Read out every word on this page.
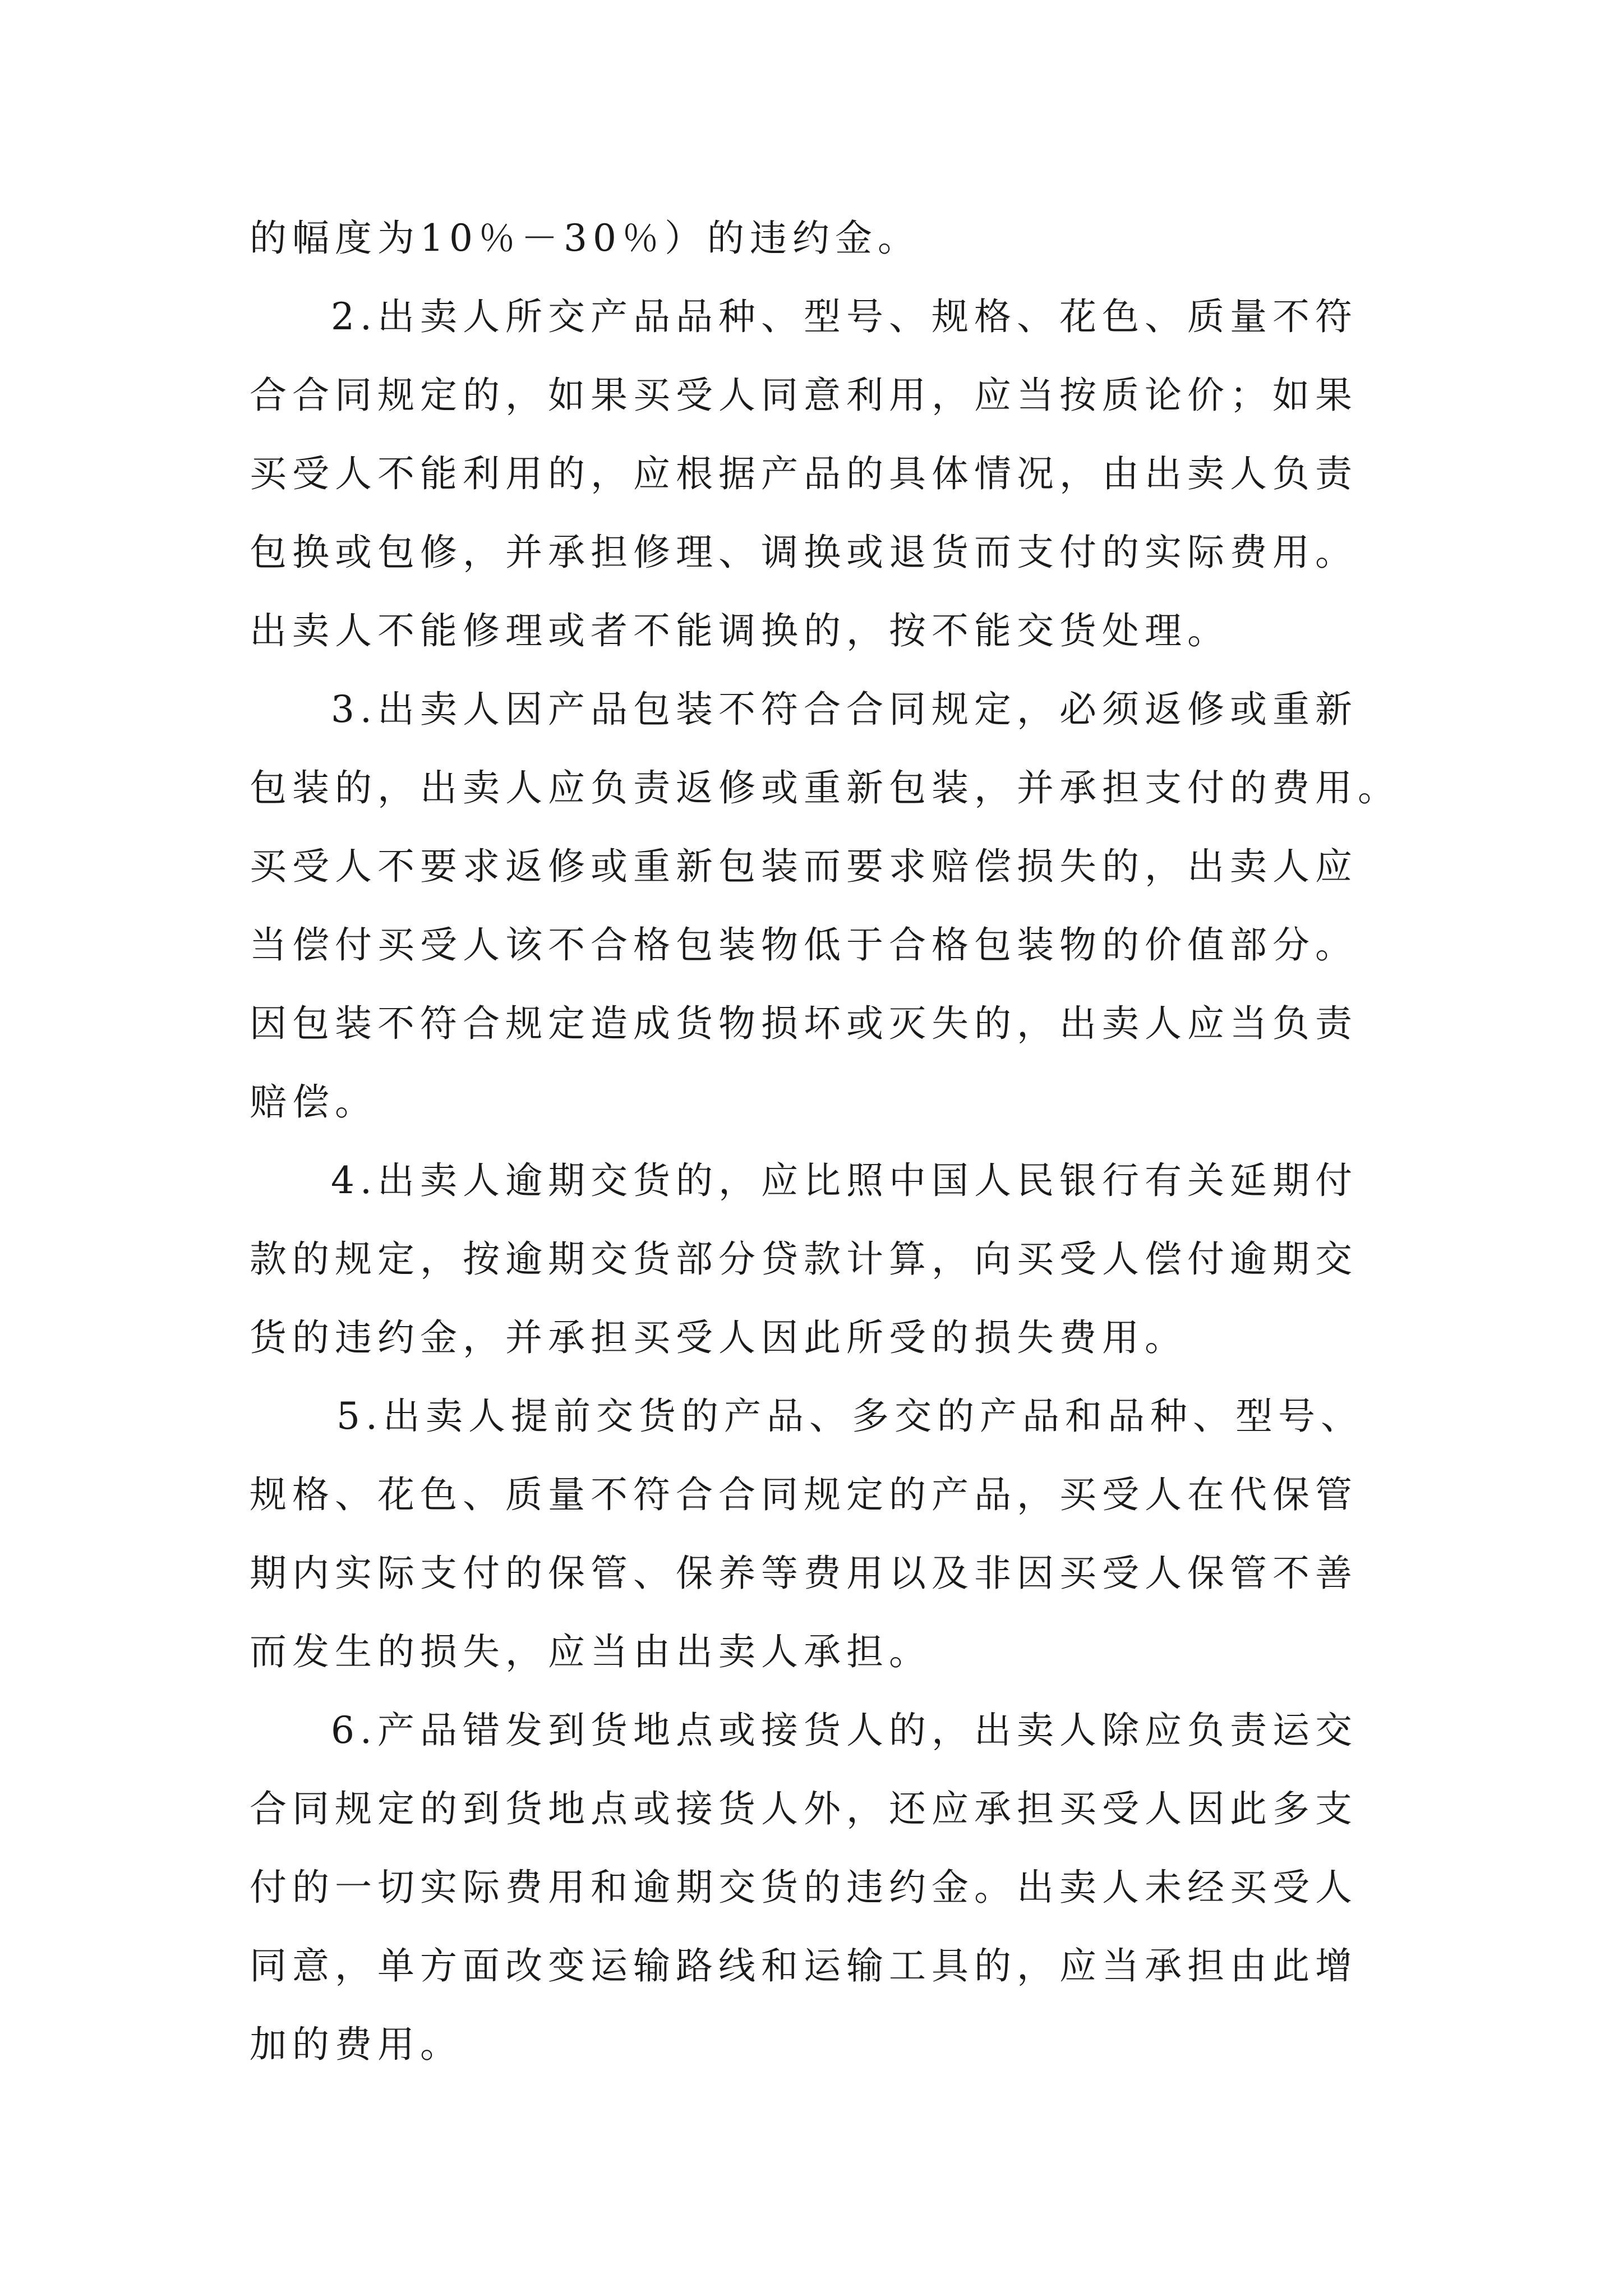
的幅度为10％－30％）的违约金。

2.出卖人所交产品品种、型号、规格、花色、质量不符

合合同规定的，如果买受人同意利用，应当按质论价；如果

买受人不能利用的，应根据产品的具体情况，由出卖人负责

包换或包修，并承担修理、调换或退货而支付的实际费用。

出卖人不能修理或者不能调换的，按不能交货处理。

3.出卖人因产品包装不符合合同规定，必须返修或重新

包装的，出卖人应负责返修或重新包装，并承担支付的费用。

买受人不要求返修或重新包装而要求赔偿损失的，出卖人应

当偿付买受人该不合格包装物低于合格包装物的价值部分。

因包装不符合规定造成货物损坏或灭失的，出卖人应当负责

赔偿。

4.出卖人逾期交货的，应比照中国人民银行有关延期付

款的规定，按逾期交货部分贷款计算，向买受人偿付逾期交

货的违约金，并承担买受人因此所受的损失费用。

5.出卖人提前交货的产品、多交的产品和品种、型号、

规格、花色、质量不符合合同规定的产品，买受人在代保管

期内实际支付的保管、保养等费用以及非因买受人保管不善

而发生的损失，应当由出卖人承担。

6.产品错发到货地点或接货人的，出卖人除应负责运交

合同规定的到货地点或接货人外，还应承担买受人因此多支

付的一切实际费用和逾期交货的违约金。出卖人未经买受人

同意，单方面改变运输路线和运输工具的，应当承担由此增

加的费用。
